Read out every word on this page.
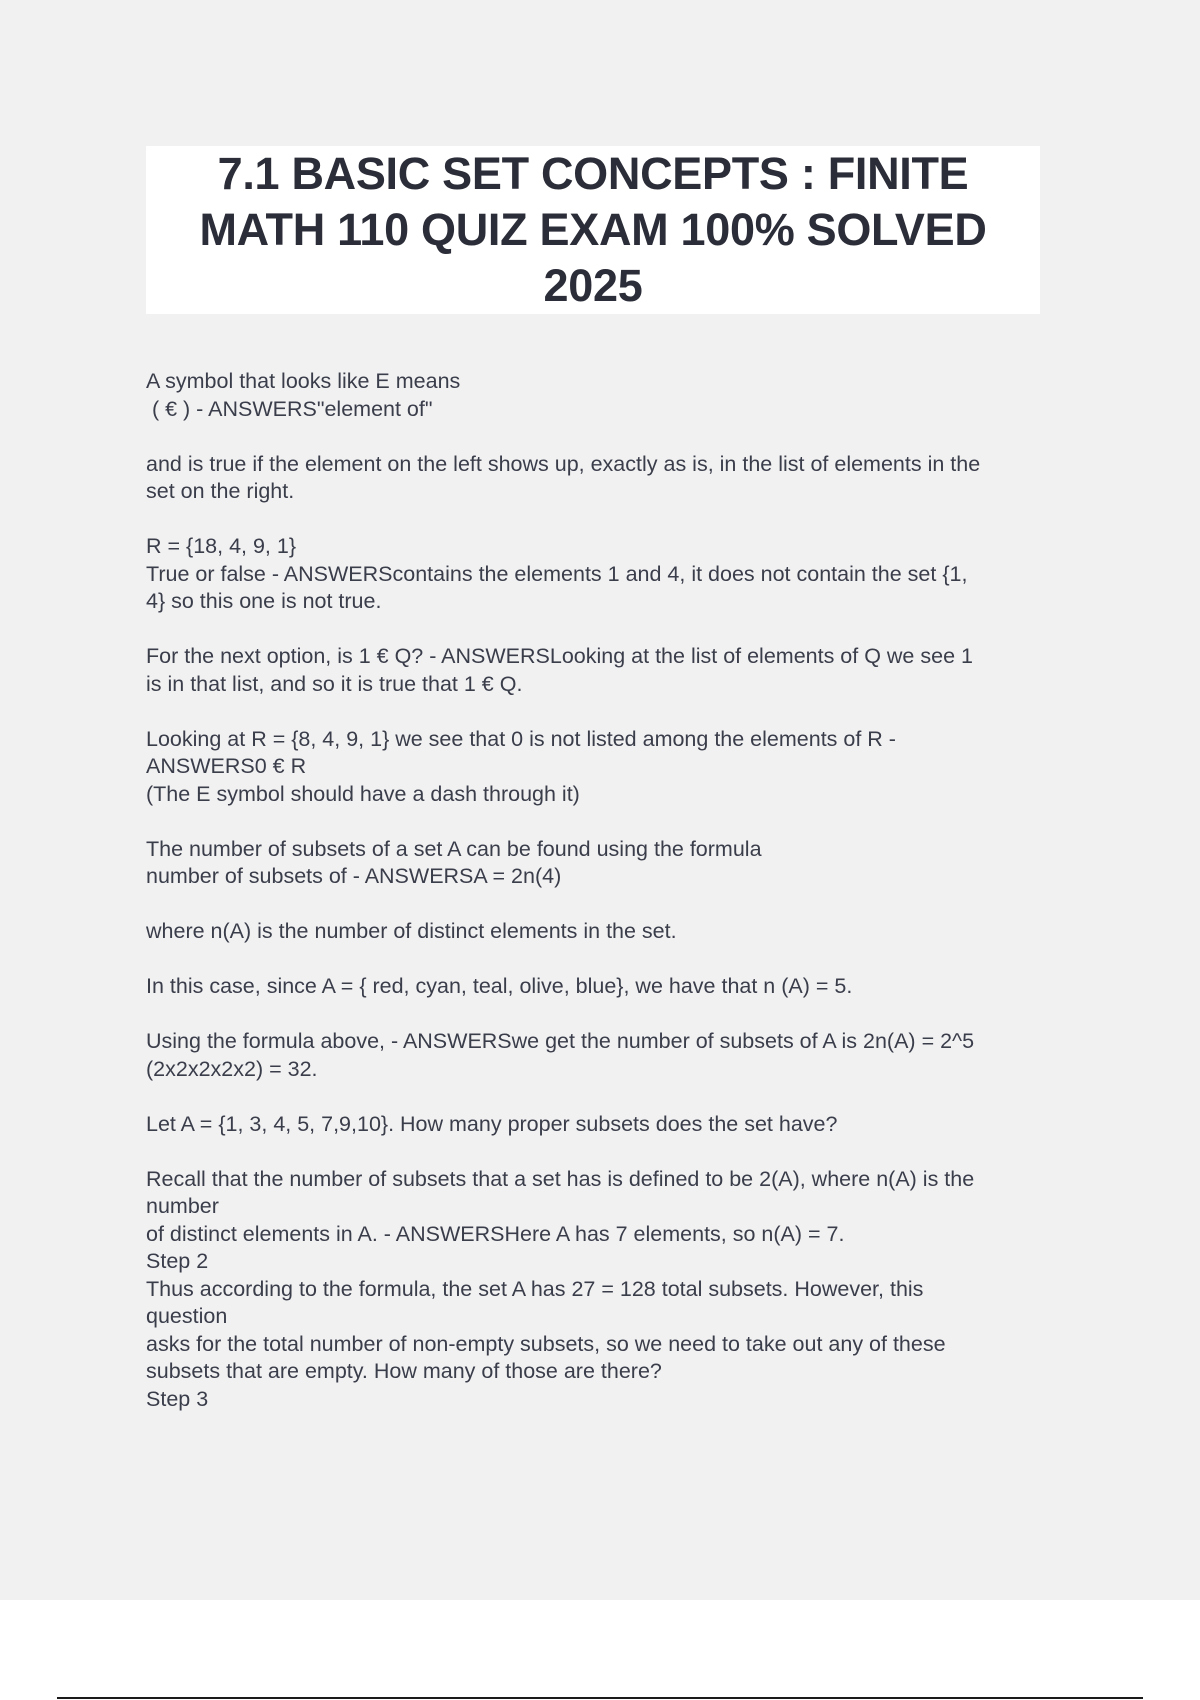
7.1 BASIC SET CONCEPTS : FINITE
MATH 110 QUIZ EXAM 100% SOLVED
2025

A symbol that looks like E means
( € ) - ANSWERS"element of"

and is true if the element on the left shows up, exactly as is, in the list of elements in the
set on the right.

R = {18, 4, 9, 1}
True or false - ANSWERScontains the elements 1 and 4, it does not contain the set {1,
4} so this one is not true.

For the next option, is 1 € Q? - ANSWERSLooking at the list of elements of Q we see 1
is in that list, and so it is true that 1 € Q.

Looking at R = {8, 4, 9, 1} we see that 0 is not listed among the elements of R -
ANSWERS0 € R
(The E symbol should have a dash through it)

The number of subsets of a set A can be found using the formula
number of subsets of - ANSWERSA = 2n(4)

where n(A) is the number of distinct elements in the set.

In this case, since A = { red, cyan, teal, olive, blue}, we have that n (A) = 5.

Using the formula above, - ANSWERSwe get the number of subsets of A is 2n(A) = 2^5
(2x2x2x2x2) = 32.

Let A = {1, 3, 4, 5, 7,9,10}. How many proper subsets does the set have?

Recall that the number of subsets that a set has is defined to be 2(A), where n(A) is the
number
of distinct elements in A. - ANSWERSHere A has 7 elements, so n(A) = 7.
Step 2
Thus according to the formula, the set A has 27 = 128 total subsets. However, this
question
asks for the total number of non-empty subsets, so we need to take out any of these
subsets that are empty. How many of those are there?
Step 3
